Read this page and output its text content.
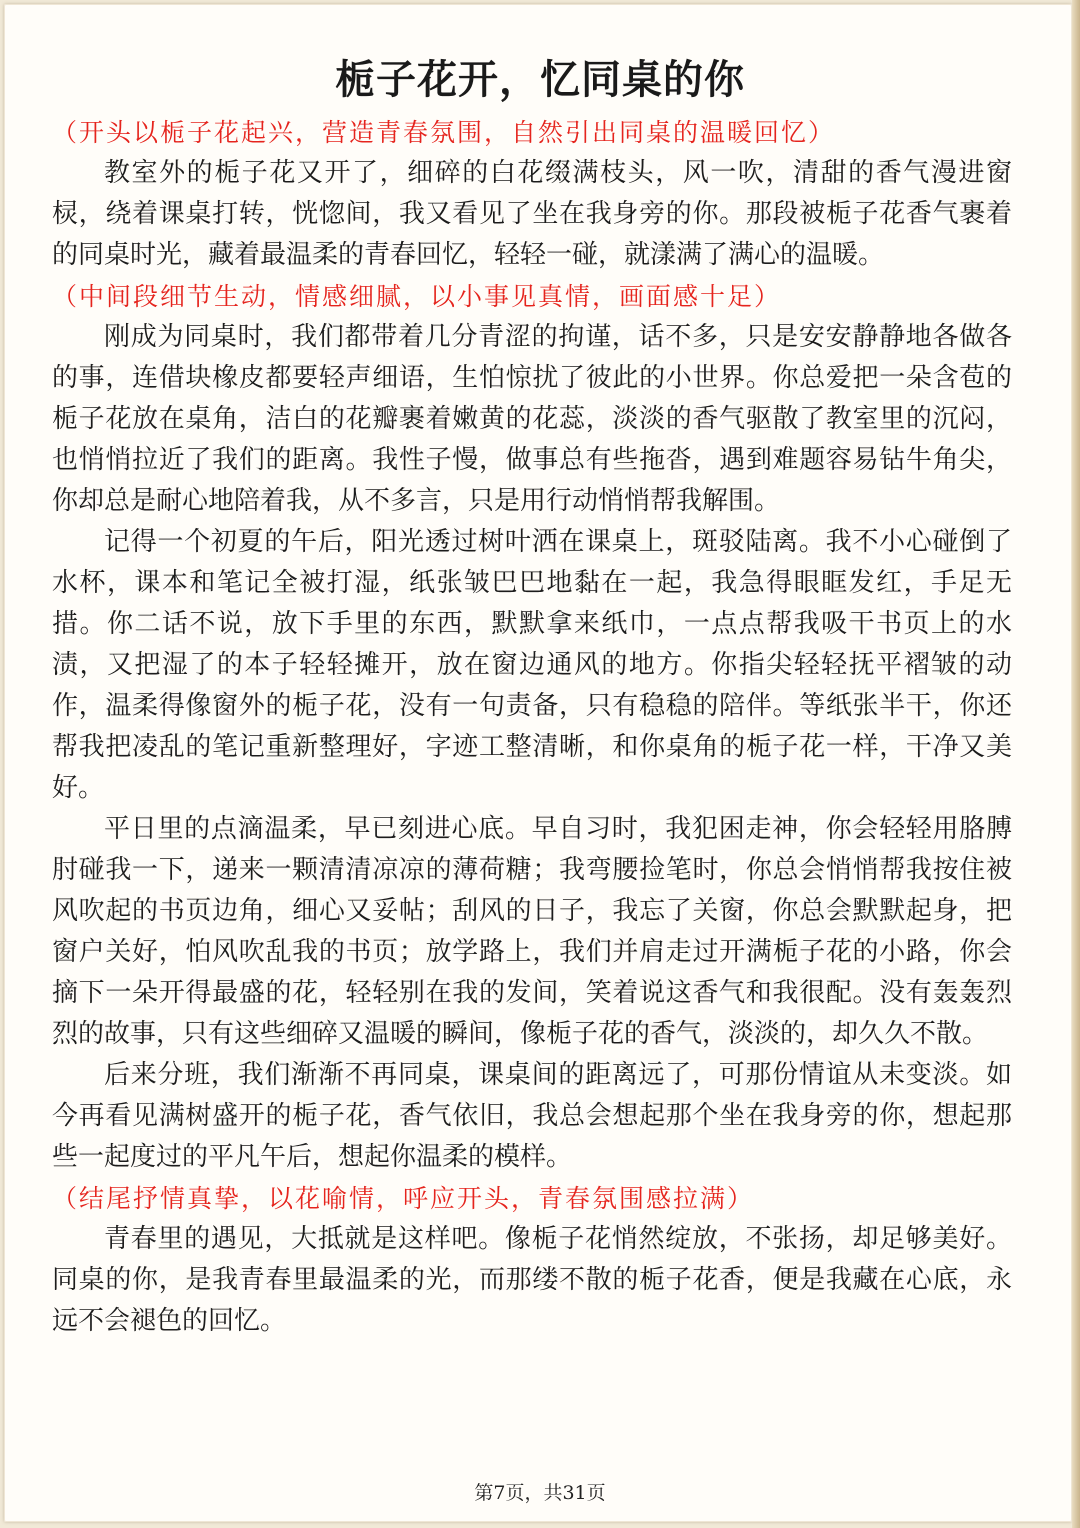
栀子花开，忆同桌的你

（开头以栀子花起兴，营造青春氛围，自然引出同桌的温暖回忆）

教室外的栀子花又开了，细碎的白花缀满枝头，风一吹，清甜的香气漫进窗棂，绕着课桌打转，恍惚间，我又看见了坐在我身旁的你。那段被栀子花香气裹着的同桌时光，藏着最温柔的青春回忆，轻轻一碰，就漾满了满心的温暖。

（中间段细节生动，情感细腻，以小事见真情，画面感十足）

刚成为同桌时，我们都带着几分青涩的拘谨，话不多，只是安安静静地各做各的事，连借块橡皮都要轻声细语，生怕惊扰了彼此的小世界。你总爱把一朵含苞的栀子花放在桌角，洁白的花瓣裹着嫩黄的花蕊，淡淡的香气驱散了教室里的沉闷，也悄悄拉近了我们的距离。我性子慢，做事总有些拖沓，遇到难题容易钻牛角尖，你却总是耐心地陪着我，从不多言，只是用行动悄悄帮我解围。

记得一个初夏的午后，阳光透过树叶洒在课桌上，斑驳陆离。我不小心碰倒了水杯，课本和笔记全被打湿，纸张皱巴巴地黏在一起，我急得眼眶发红，手足无措。你二话不说，放下手里的东西，默默拿来纸巾，一点点帮我吸干书页上的水渍，又把湿了的本子轻轻摊开，放在窗边通风的地方。你指尖轻轻抚平褶皱的动作，温柔得像窗外的栀子花，没有一句责备，只有稳稳的陪伴。等纸张半干，你还帮我把凌乱的笔记重新整理好，字迹工整清晰，和你桌角的栀子花一样，干净又美好。

平日里的点滴温柔，早已刻进心底。早自习时，我犯困走神，你会轻轻用胳膊肘碰我一下，递来一颗清清凉凉的薄荷糖；我弯腰捡笔时，你总会悄悄帮我按住被风吹起的书页边角，细心又妥帖；刮风的日子，我忘了关窗，你总会默默起身，把窗户关好，怕风吹乱我的书页；放学路上，我们并肩走过开满栀子花的小路，你会摘下一朵开得最盛的花，轻轻别在我的发间，笑着说这香气和我很配。没有轰轰烈烈的故事，只有这些细碎又温暖的瞬间，像栀子花的香气，淡淡的，却久久不散。

后来分班，我们渐渐不再同桌，课桌间的距离远了，可那份情谊从未变淡。如今再看见满树盛开的栀子花，香气依旧，我总会想起那个坐在我身旁的你，想起那些一起度过的平凡午后，想起你温柔的模样。

（结尾抒情真挚，以花喻情，呼应开头，青春氛围感拉满）

青春里的遇见，大抵就是这样吧。像栀子花悄然绽放，不张扬，却足够美好。同桌的你，是我青春里最温柔的光，而那缕不散的栀子花香，便是我藏在心底，永远不会褪色的回忆。

第7页，共31页
